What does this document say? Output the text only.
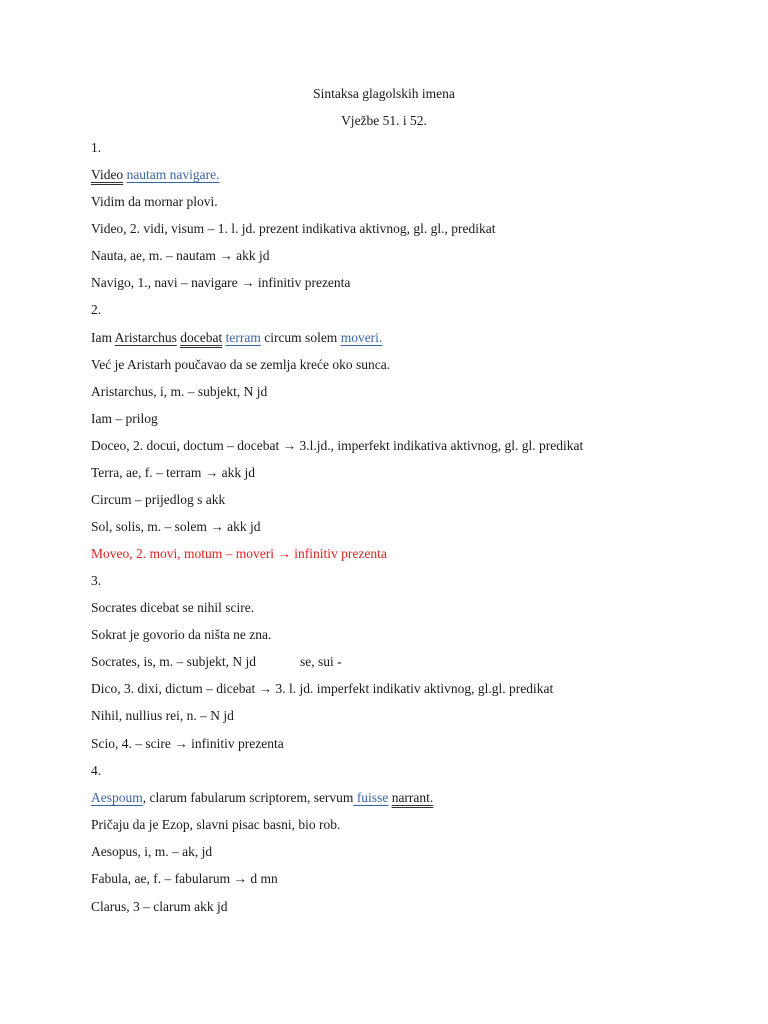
Sintaksa glagolskih imena
Vježbe 51. i 52.
1.
Video nautam navigare.
Vidim da mornar plovi.
Video, 2. vidi, visum – 1. l. jd. prezent indikativa aktivnog, gl. gl., predikat
Nauta, ae, m. – nautam → akk jd
Navigo, 1., navi – navigare → infinitiv prezenta
2.
Iam Aristarchus docebat terram circum solem moveri.
Već je Aristarh poučavao da se zemlja kreće oko sunca.
Aristarchus, i, m. – subjekt, N jd
Iam – prilog
Doceo, 2. docui, doctum – docebat → 3.l.jd., imperfekt indikativa aktivnog, gl. gl. predikat
Terra, ae, f. – terram → akk jd
Circum – prijedlog s akk
Sol, solis, m. – solem → akk jd
Moveo, 2. movi, motum – moveri → infinitiv prezenta
3.
Socrates dicebat se nihil scire.
Sokrat je govorio da ništa ne zna.
Socrates, is, m. – subjekt, N jd	se, sui -
Dico, 3. dixi, dictum – dicebat → 3. l. jd. imperfekt indikativ aktivnog, gl.gl. predikat
Nihil, nullius rei, n. – N jd
Scio, 4. – scire → infinitiv prezenta
4.
Aespoum, clarum fabularum scriptorem, servum fuisse narrant.
Pričaju da je Ezop, slavni pisac basni, bio rob.
Aesopus, i, m. – ak, jd
Fabula, ae, f. – fabularum → d mn
Clarus, 3 – clarum akk jd
